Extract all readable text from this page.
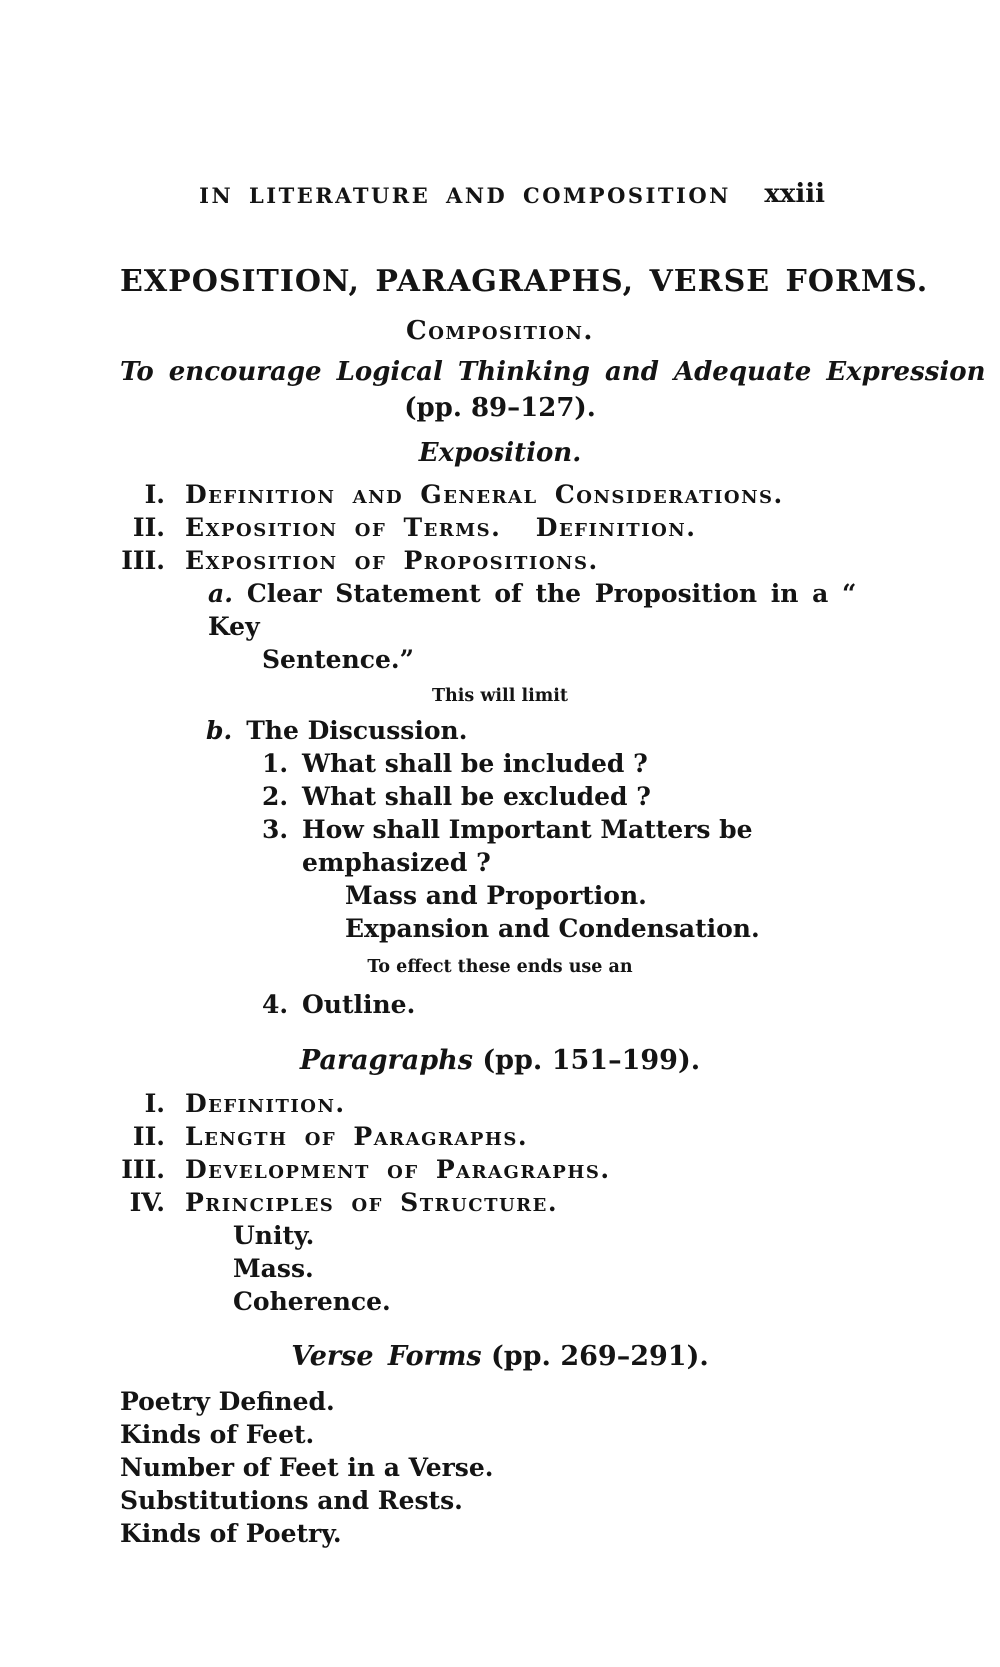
IN LITERATURE AND COMPOSITION xxiii
EXPOSITION, PARAGRAPHS, VERSE FORMS.
Composition.
To encourage Logical Thinking and Adequate Expression
(pp. 89–127).
Exposition.
I. Definition and General Considerations.
II. Exposition of Terms.  Definition.
III. Exposition of Propositions.
a. Clear Statement of the Proposition in a “ Key
Sentence.”
This will limit
b. The Discussion.
1. What shall be included ?
2. What shall be excluded ?
3. How shall Important Matters be emphasized ?
Mass and Proportion.
Expansion and Condensation.
To effect these ends use an
4. Outline.
Paragraphs (pp. 151–199).
I. Definition.
II. Length of Paragraphs.
III. Development of Paragraphs.
IV. Principles of Structure.
Unity.
Mass.
Coherence.
Verse Forms (pp. 269–291).
Poetry Defined.
Kinds of Feet.
Number of Feet in a Verse.
Substitutions and Rests.
Kinds of Poetry.
